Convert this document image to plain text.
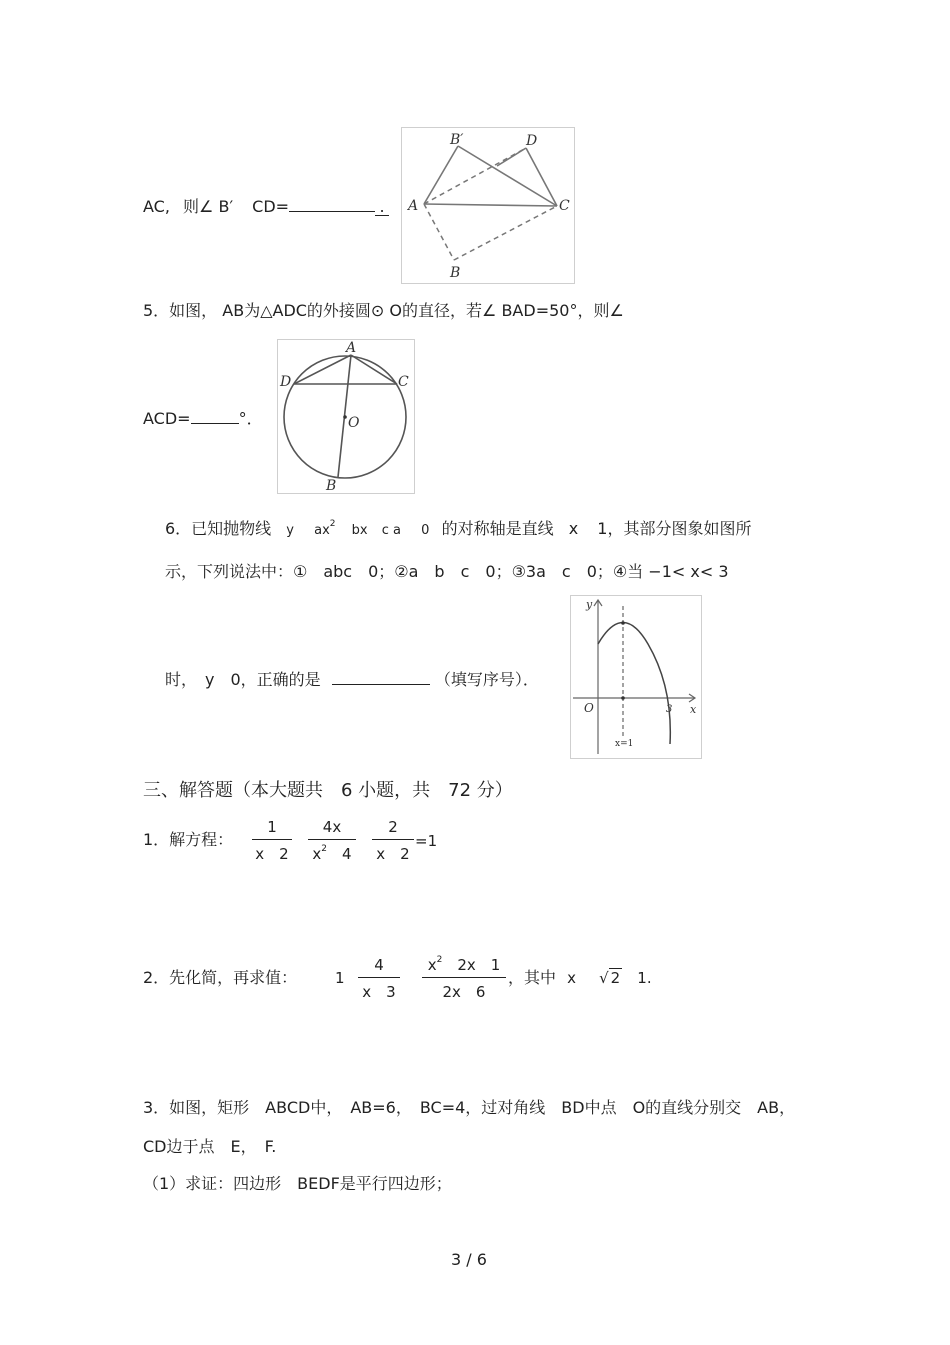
AC, 则∠ B′ CD=	.	A
B′	D
C
B
5．如图， AB为△ADC的外接圆⊙ O的直径，若∠ BAD=50°，则∠
ACD=	°．
A
D	C
O
B
6．已知抛物线 y $ax^2$ bx c a 0 的对称轴是直线 x 1，其部分图象如图所
示，下列说法中：①　abc　0；②a　b　c　0；③3a　c　0；④当 −1< x< 3
时，　y　0，正确的是	（填写序号）．
y
x
O	3
x=1
三、解答题（本大题共　6 小题，共　72 分）
1．解方程： $\frac{1}{x 2} \frac{4x}{x^2 4} \frac{2}{x 2} =1$
2．先化简，再求值：	$1 \frac{4}{x 3} \frac{x^2 2x 1}{2x 6}$ ，其中 x √ 2 1.
3．如图，矩形　ABCD中，　AB=6，　BC=4，过对角线　BD中点　O的直线分别交　AB，
CD边于点　E，　F.
（1）求证：四边形　BEDF是平行四边形；
3 / 6
